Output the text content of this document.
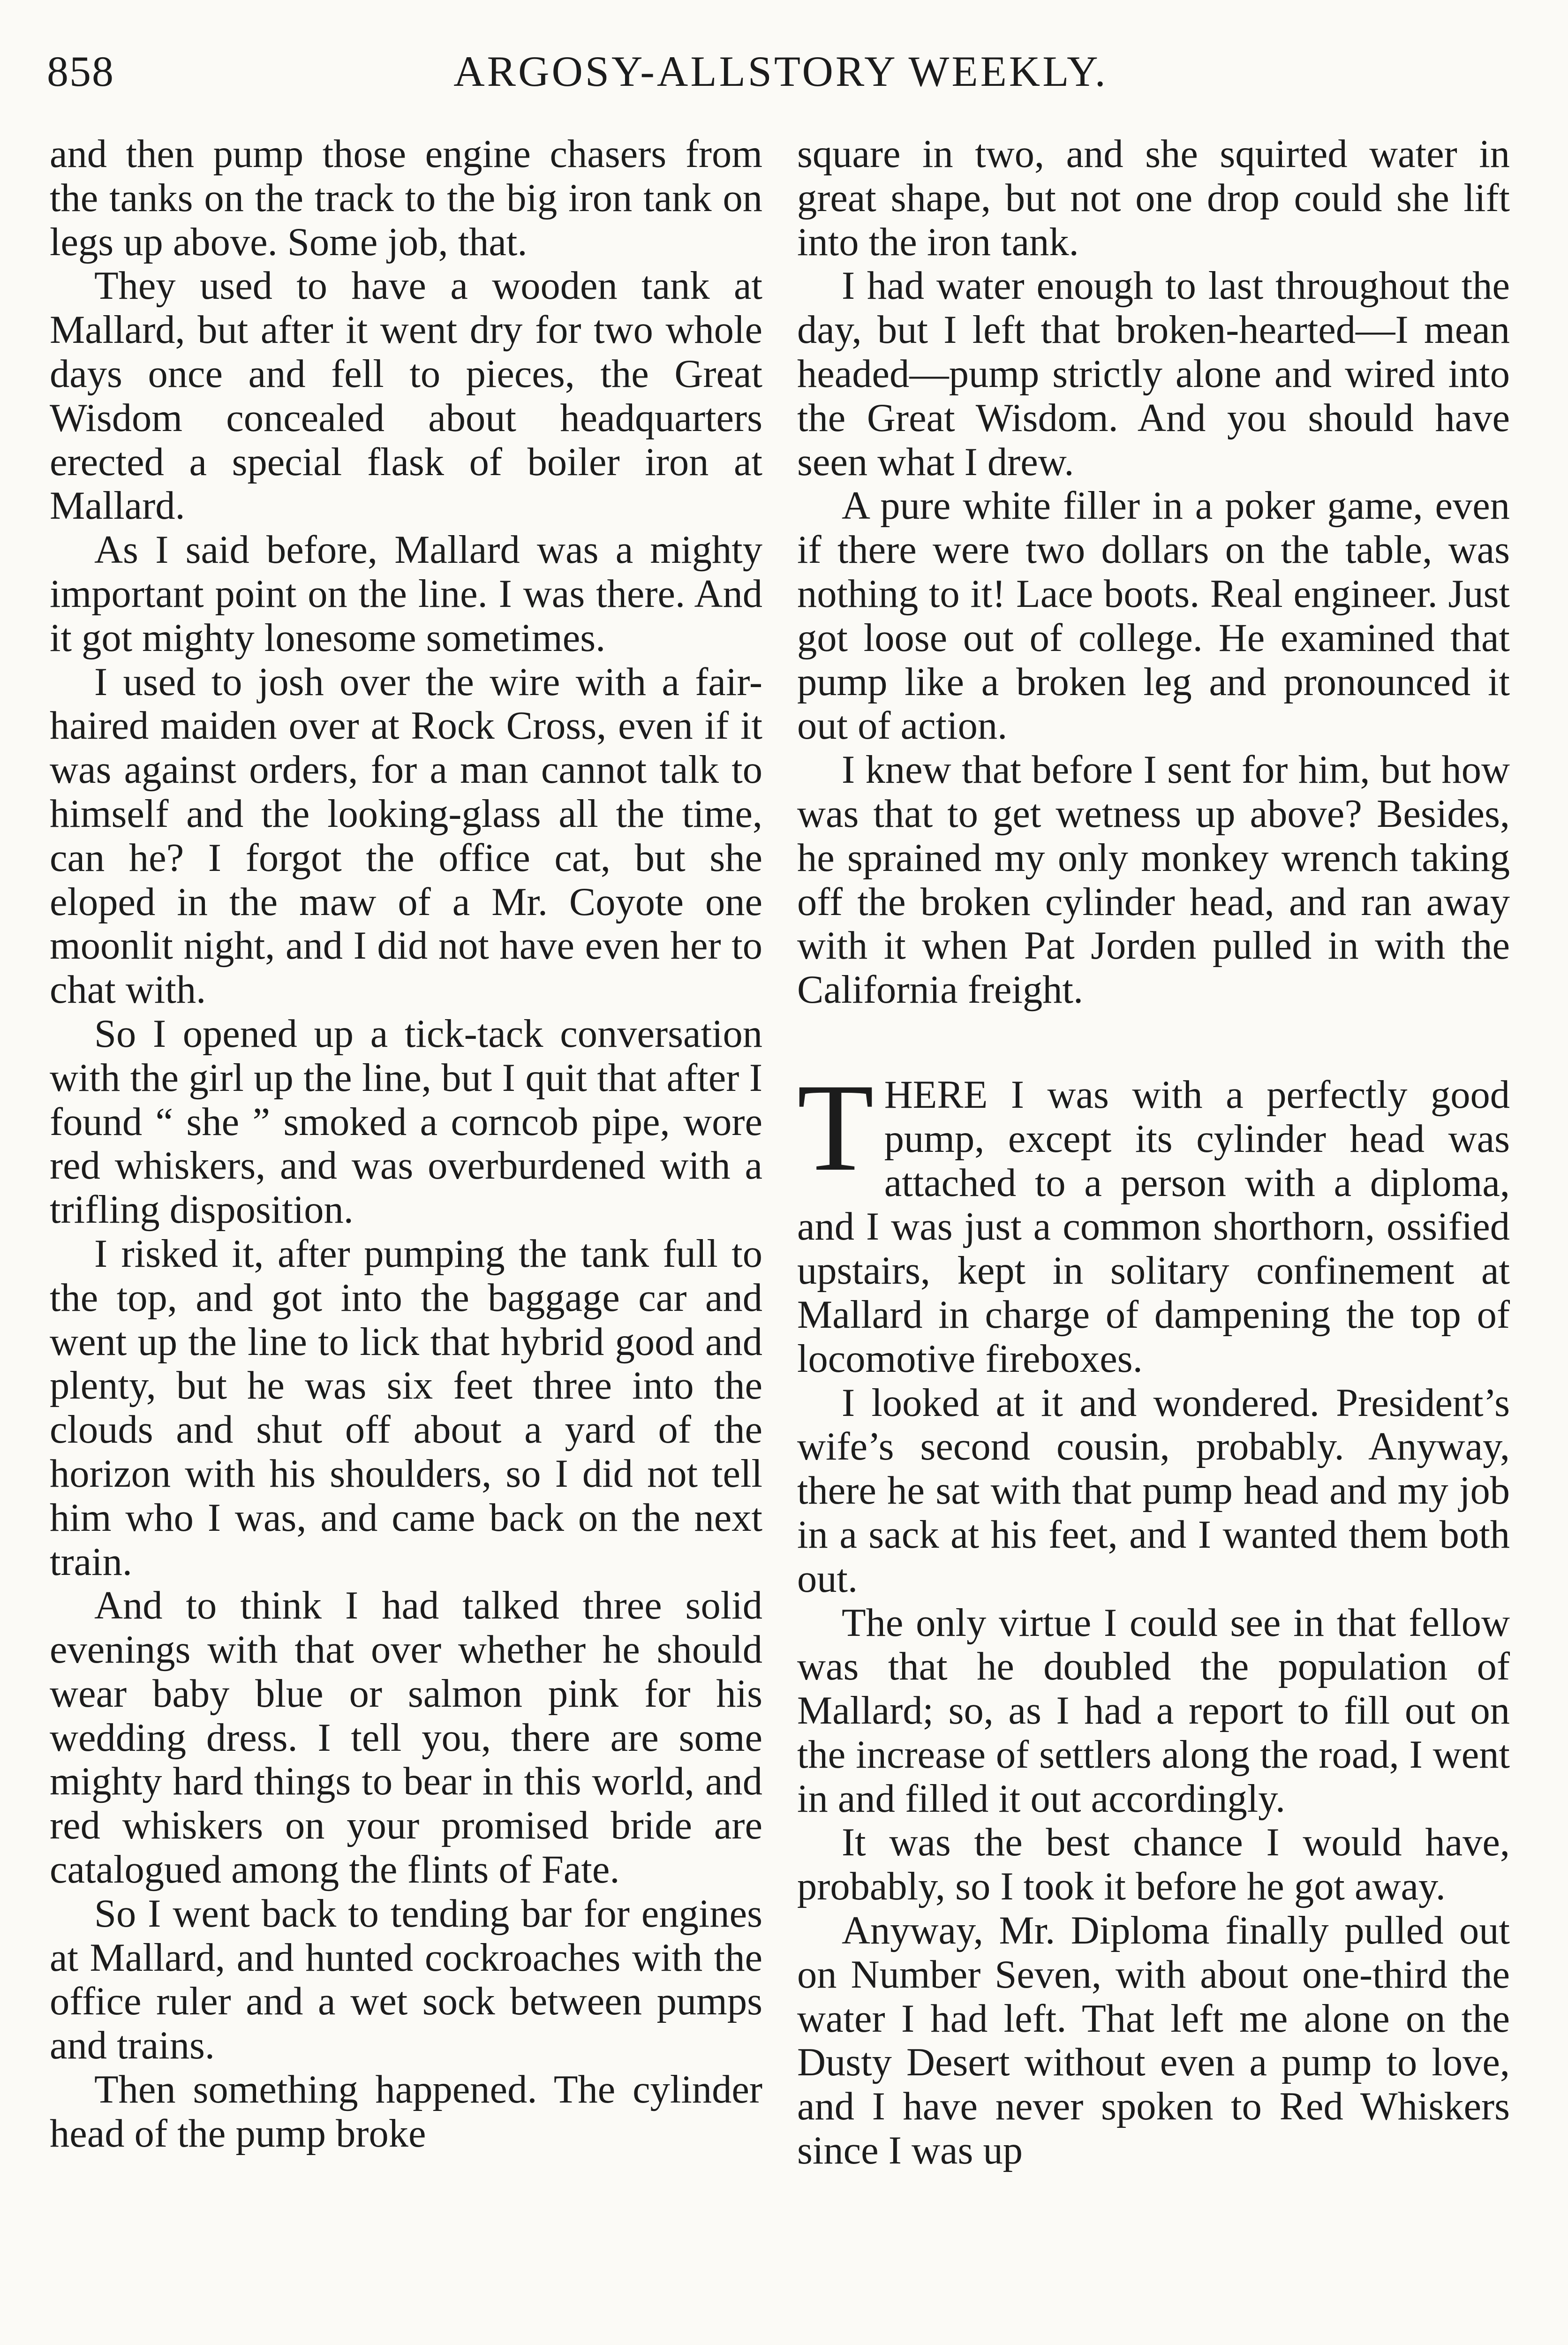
858	ARGOSY-ALLSTORY WEEKLY.

and then pump those engine chasers from the tanks on the track to the big iron tank on legs up above. Some job, that.

They used to have a wooden tank at Mallard, but after it went dry for two whole days once and fell to pieces, the Great Wisdom concealed about headquarters erected a special flask of boiler iron at Mallard.

As I said before, Mallard was a mighty important point on the line. I was there. And it got mighty lonesome sometimes.

I used to josh over the wire with a fair-haired maiden over at Rock Cross, even if it was against orders, for a man cannot talk to himself and the looking-glass all the time, can he? I forgot the office cat, but she eloped in the maw of a Mr. Coyote one moonlit night, and I did not have even her to chat with.

So I opened up a tick-tack conversation with the girl up the line, but I quit that after I found “ she ” smoked a corncob pipe, wore red whiskers, and was overburdened with a trifling disposition.

I risked it, after pumping the tank full to the top, and got into the baggage car and went up the line to lick that hybrid good and plenty, but he was six feet three into the clouds and shut off about a yard of the horizon with his shoulders, so I did not tell him who I was, and came back on the next train.

And to think I had talked three solid evenings with that over whether he should wear baby blue or salmon pink for his wedding dress. I tell you, there are some mighty hard things to bear in this world, and red whiskers on your promised bride are catalogued among the flints of Fate.

So I went back to tending bar for engines at Mallard, and hunted cockroaches with the office ruler and a wet sock between pumps and trains.

Then something happened. The cylinder head of the pump broke

square in two, and she squirted water in great shape, but not one drop could she lift into the iron tank.

I had water enough to last throughout the day, but I left that broken-hearted—I mean headed—pump strictly alone and wired into the Great Wisdom. And you should have seen what I drew.

A pure white filler in a poker game, even if there were two dollars on the table, was nothing to it! Lace boots. Real engineer. Just got loose out of college. He examined that pump like a broken leg and pronounced it out of action.

I knew that before I sent for him, but how was that to get wetness up above? Besides, he sprained my only monkey wrench taking off the broken cylinder head, and ran away with it when Pat Jorden pulled in with the California freight.

THERE I was with a perfectly good pump, except its cylinder head was attached to a person with a diploma, and I was just a common shorthorn, ossified upstairs, kept in solitary confinement at Mallard in charge of dampening the top of locomotive fireboxes.

I looked at it and wondered. President’s wife’s second cousin, probably. Anyway, there he sat with that pump head and my job in a sack at his feet, and I wanted them both out.

The only virtue I could see in that fellow was that he doubled the population of Mallard; so, as I had a report to fill out on the increase of settlers along the road, I went in and filled it out accordingly.

It was the best chance I would have, probably, so I took it before he got away.

Anyway, Mr. Diploma finally pulled out on Number Seven, with about one-third the water I had left. That left me alone on the Dusty Desert without even a pump to love, and I have never spoken to Red Whiskers since I was up
